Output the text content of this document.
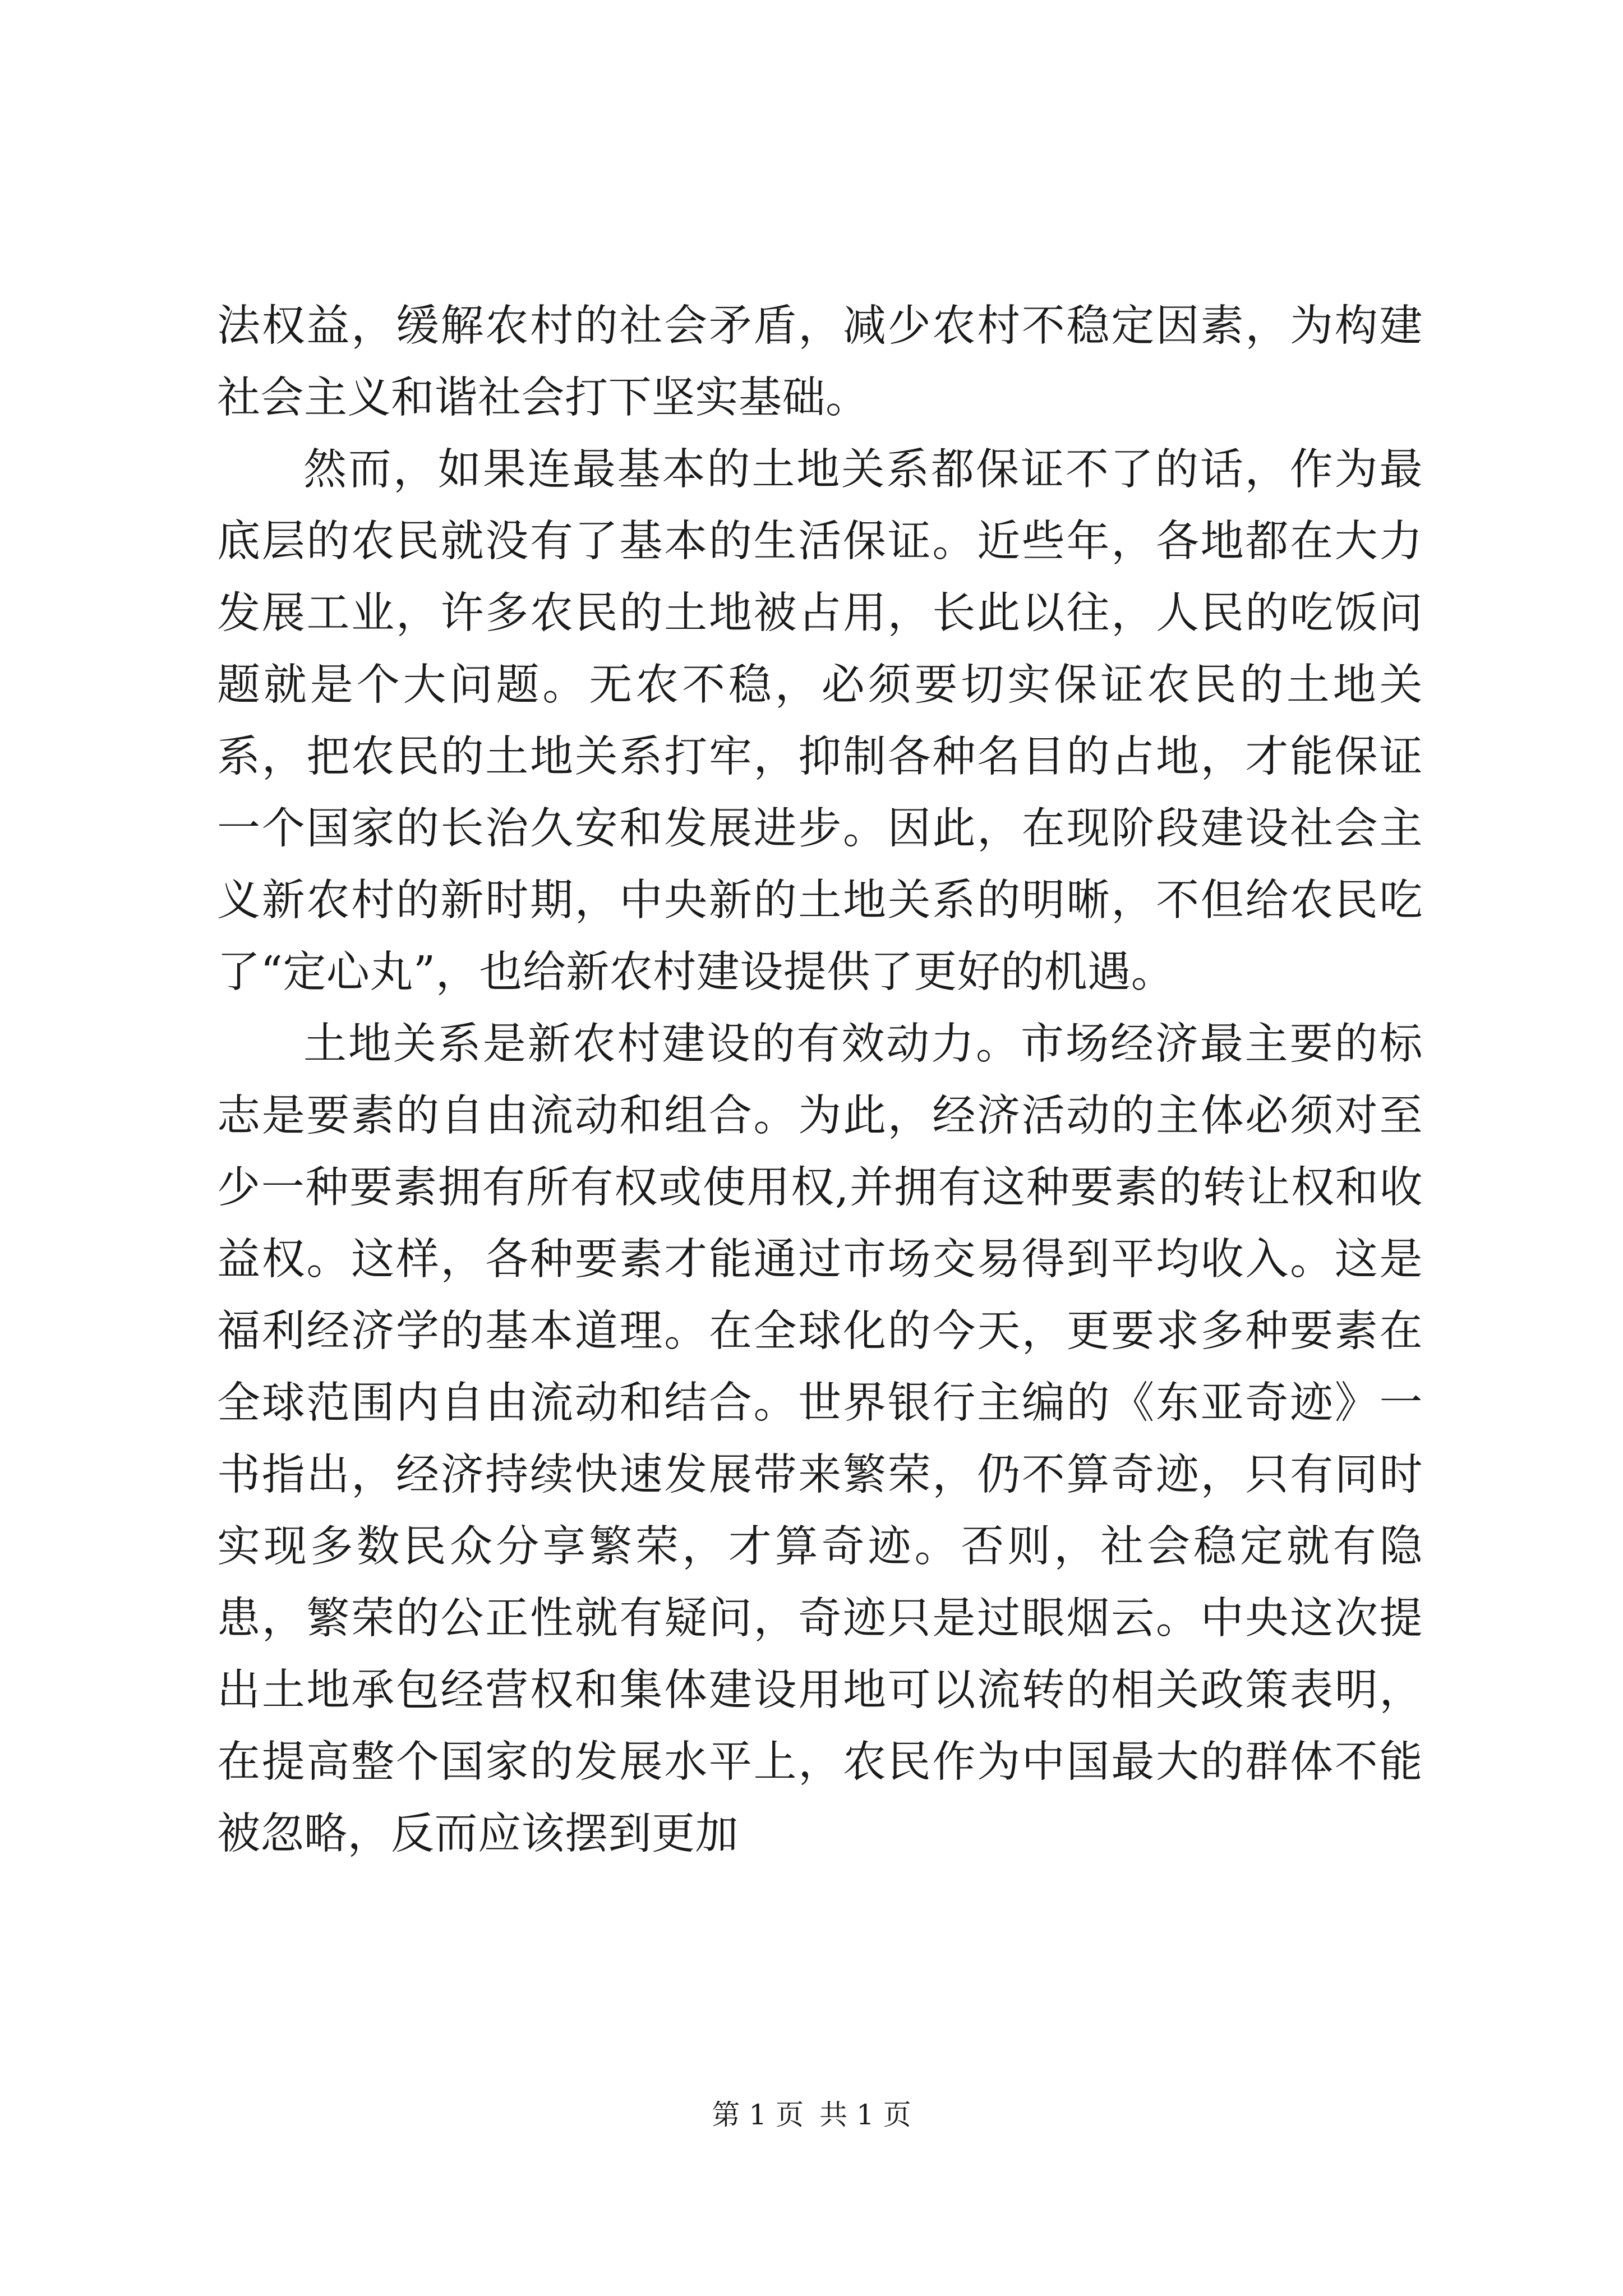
法权益，缓解农村的社会矛盾，减少农村不稳定因素，为构建社会主义和谐社会打下坚实基础。

然而，如果连最基本的土地关系都保证不了的话，作为最底层的农民就没有了基本的生活保证。近些年，各地都在大力发展工业，许多农民的土地被占用，长此以往，人民的吃饭问题就是个大问题。无农不稳，必须要切实保证农民的土地关系，把农民的土地关系打牢，抑制各种名目的占地，才能保证一个国家的长治久安和发展进步。因此，在现阶段建设社会主义新农村的新时期，中央新的土地关系的明晰，不但给农民吃了“定心丸”，也给新农村建设提供了更好的机遇。

土地关系是新农村建设的有效动力。市场经济最主要的标志是要素的自由流动和组合。为此，经济活动的主体必须对至少一种要素拥有所有权或使用权,并拥有这种要素的转让权和收益权。这样，各种要素才能通过市场交易得到平均收入。这是福利经济学的基本道理。在全球化的今天，更要求多种要素在全球范围内自由流动和结合。世界银行主编的《东亚奇迹》一书指出，经济持续快速发展带来繁荣，仍不算奇迹，只有同时实现多数民众分享繁荣，才算奇迹。否则，社会稳定就有隐患，繁荣的公正性就有疑问，奇迹只是过眼烟云。中央这次提出土地承包经营权和集体建设用地可以流转的相关政策表明，在提高整个国家的发展水平上，农民作为中国最大的群体不能被忽略，反而应该摆到更加

第 1 页 共 1 页
